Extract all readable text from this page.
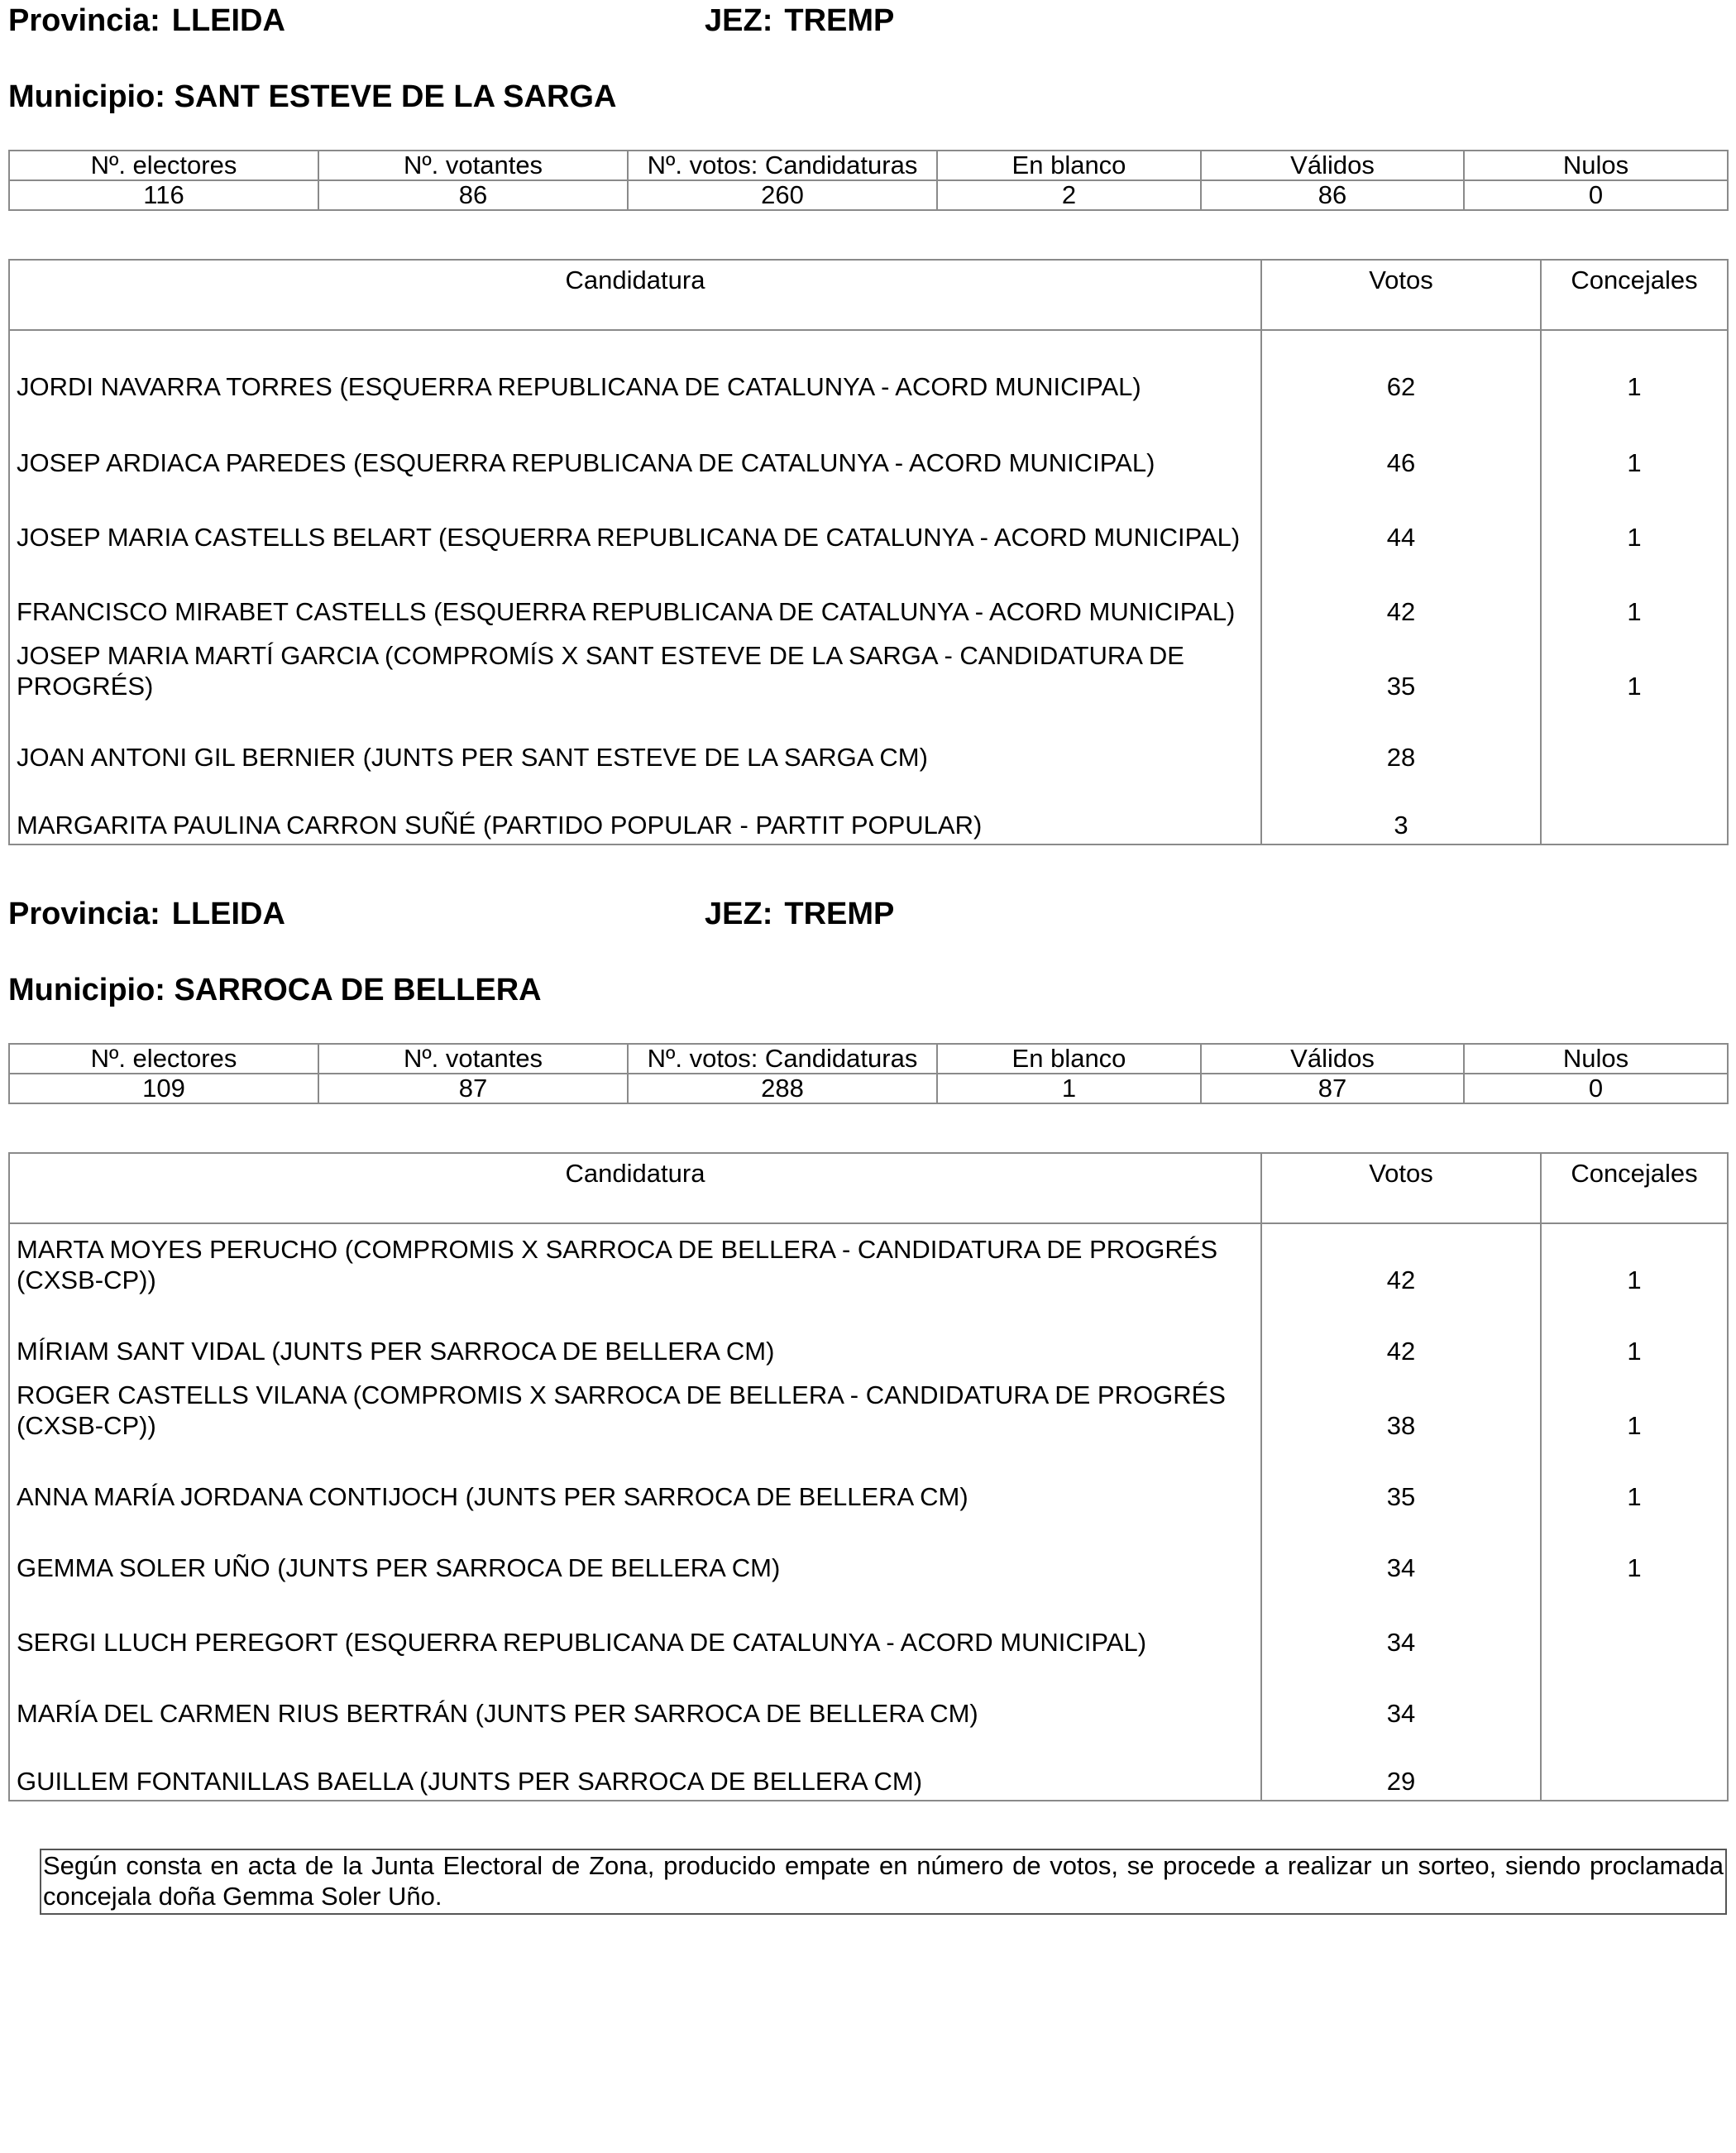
Provincia: LLEIDA	JEZ: TREMP
Municipio: SANT ESTEVE DE LA SARGA
Nº. electores	Nº. votantes	Nº. votos: Candidaturas	En blanco	Válidos	Nulos
116	86	260	2	86	0
Candidatura	Votos	Concejales
JORDI NAVARRA TORRES (ESQUERRA REPUBLICANA DE CATALUNYA - ACORD MUNICIPAL)	62	1
JOSEP ARDIACA PAREDES (ESQUERRA REPUBLICANA DE CATALUNYA - ACORD MUNICIPAL)	46	1
JOSEP MARIA CASTELLS BELART (ESQUERRA REPUBLICANA DE CATALUNYA - ACORD MUNICIPAL)	44	1
FRANCISCO MIRABET CASTELLS (ESQUERRA REPUBLICANA DE CATALUNYA - ACORD MUNICIPAL)	42	1
JOSEP MARIA MARTÍ GARCIA (COMPROMÍS X SANT ESTEVE DE LA SARGA - CANDIDATURA DE PROGRÉS)	35	1
JOAN ANTONI GIL BERNIER (JUNTS PER SANT ESTEVE DE LA SARGA CM)	28	
MARGARITA PAULINA CARRON SUÑÉ (PARTIDO POPULAR - PARTIT POPULAR)	3	
Provincia: LLEIDA	JEZ: TREMP
Municipio: SARROCA DE BELLERA
Nº. electores	Nº. votantes	Nº. votos: Candidaturas	En blanco	Válidos	Nulos
109	87	288	1	87	0
Candidatura	Votos	Concejales
MARTA MOYES PERUCHO (COMPROMIS X SARROCA DE BELLERA - CANDIDATURA DE PROGRÉS (CXSB-CP))	42	1
MÍRIAM SANT VIDAL (JUNTS PER SARROCA DE BELLERA CM)	42	1
ROGER CASTELLS VILANA (COMPROMIS X SARROCA DE BELLERA - CANDIDATURA DE PROGRÉS (CXSB-CP))	38	1
ANNA MARÍA JORDANA CONTIJOCH (JUNTS PER SARROCA DE BELLERA CM)	35	1
GEMMA SOLER UÑO (JUNTS PER SARROCA DE BELLERA CM)	34	1
SERGI LLUCH PEREGORT (ESQUERRA REPUBLICANA DE CATALUNYA - ACORD MUNICIPAL)	34	
MARÍA DEL CARMEN RIUS BERTRÁN (JUNTS PER SARROCA DE BELLERA CM)	34	
GUILLEM FONTANILLAS BAELLA (JUNTS PER SARROCA DE BELLERA CM)	29	
Según consta en acta de la Junta Electoral de Zona, producido empate en número de votos, se procede a realizar un sorteo, siendo proclamada concejala doña Gemma Soler Uño.
